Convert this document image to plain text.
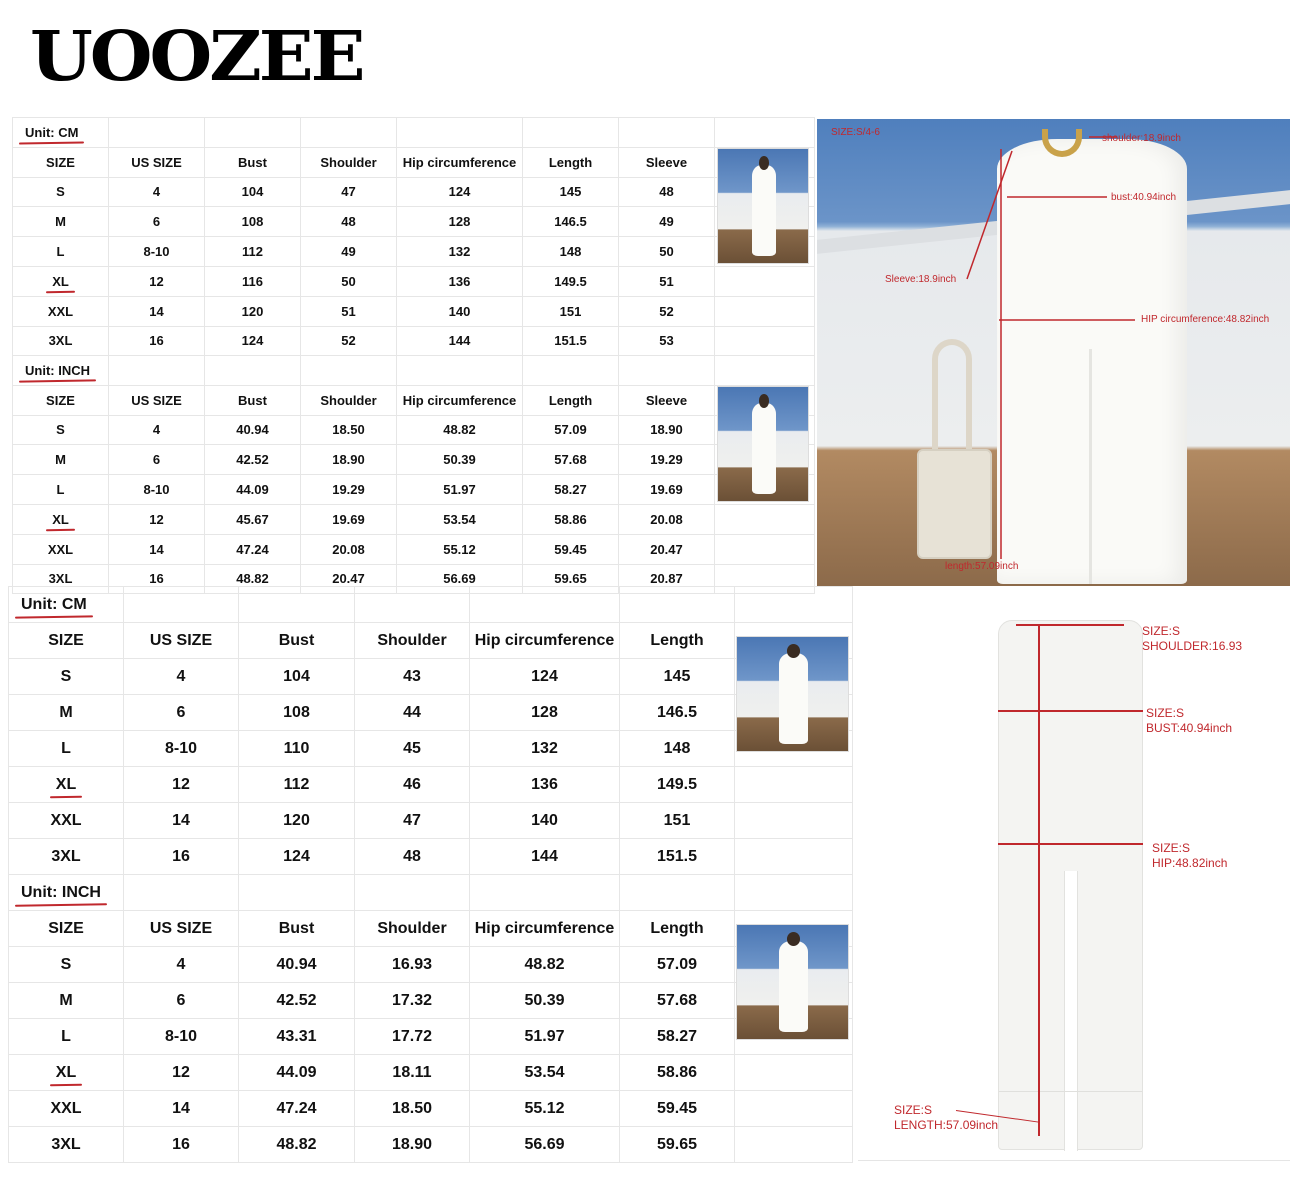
UOOZEE
Unit: CM							
SIZE	US SIZE	Bust	Shoulder	Hip circumference	Length	Sleeve	
S	4	104	47	124	145	48	
M	6	108	48	128	146.5	49	
L	8-10	112	49	132	148	50	
XL	12	116	50	136	149.5	51	
XXL	14	120	51	140	151	52	
3XL	16	124	52	144	151.5	53	
Unit: INCH							
SIZE	US SIZE	Bust	Shoulder	Hip circumference	Length	Sleeve	
S	4	40.94	18.50	48.82	57.09	18.90	
M	6	42.52	18.90	50.39	57.68	19.29	
L	8-10	44.09	19.29	51.97	58.27	19.69	
XL	12	45.67	19.69	53.54	58.86	20.08	
XXL	14	47.24	20.08	55.12	59.45	20.47	
3XL	16	48.82	20.47	56.69	59.65	20.87	
Unit: CM						
SIZE	US SIZE	Bust	Shoulder	Hip circumference	Length	
S	4	104	43	124	145	
M	6	108	44	128	146.5	
L	8-10	110	45	132	148	
XL	12	112	46	136	149.5	
XXL	14	120	47	140	151	
3XL	16	124	48	144	151.5	
Unit: INCH						
SIZE	US SIZE	Bust	Shoulder	Hip circumference	Length	
S	4	40.94	16.93	48.82	57.09	
M	6	42.52	17.32	50.39	57.68	
L	8-10	43.31	17.72	51.97	58.27	
XL	12	44.09	18.11	53.54	58.86	
XXL	14	47.24	18.50	55.12	59.45	
3XL	16	48.82	18.90	56.69	59.65	
SIZE:S/4-6
shoulder:18.9inch
bust:40.94inch
Sleeve:18.9inch
HIP circumference:48.82inch
length:57.09inch
SIZE:S
SHOULDER:16.93
SIZE:S
BUST:40.94inch
SIZE:S
HIP:48.82inch
SIZE:S
LENGTH:57.09inch
